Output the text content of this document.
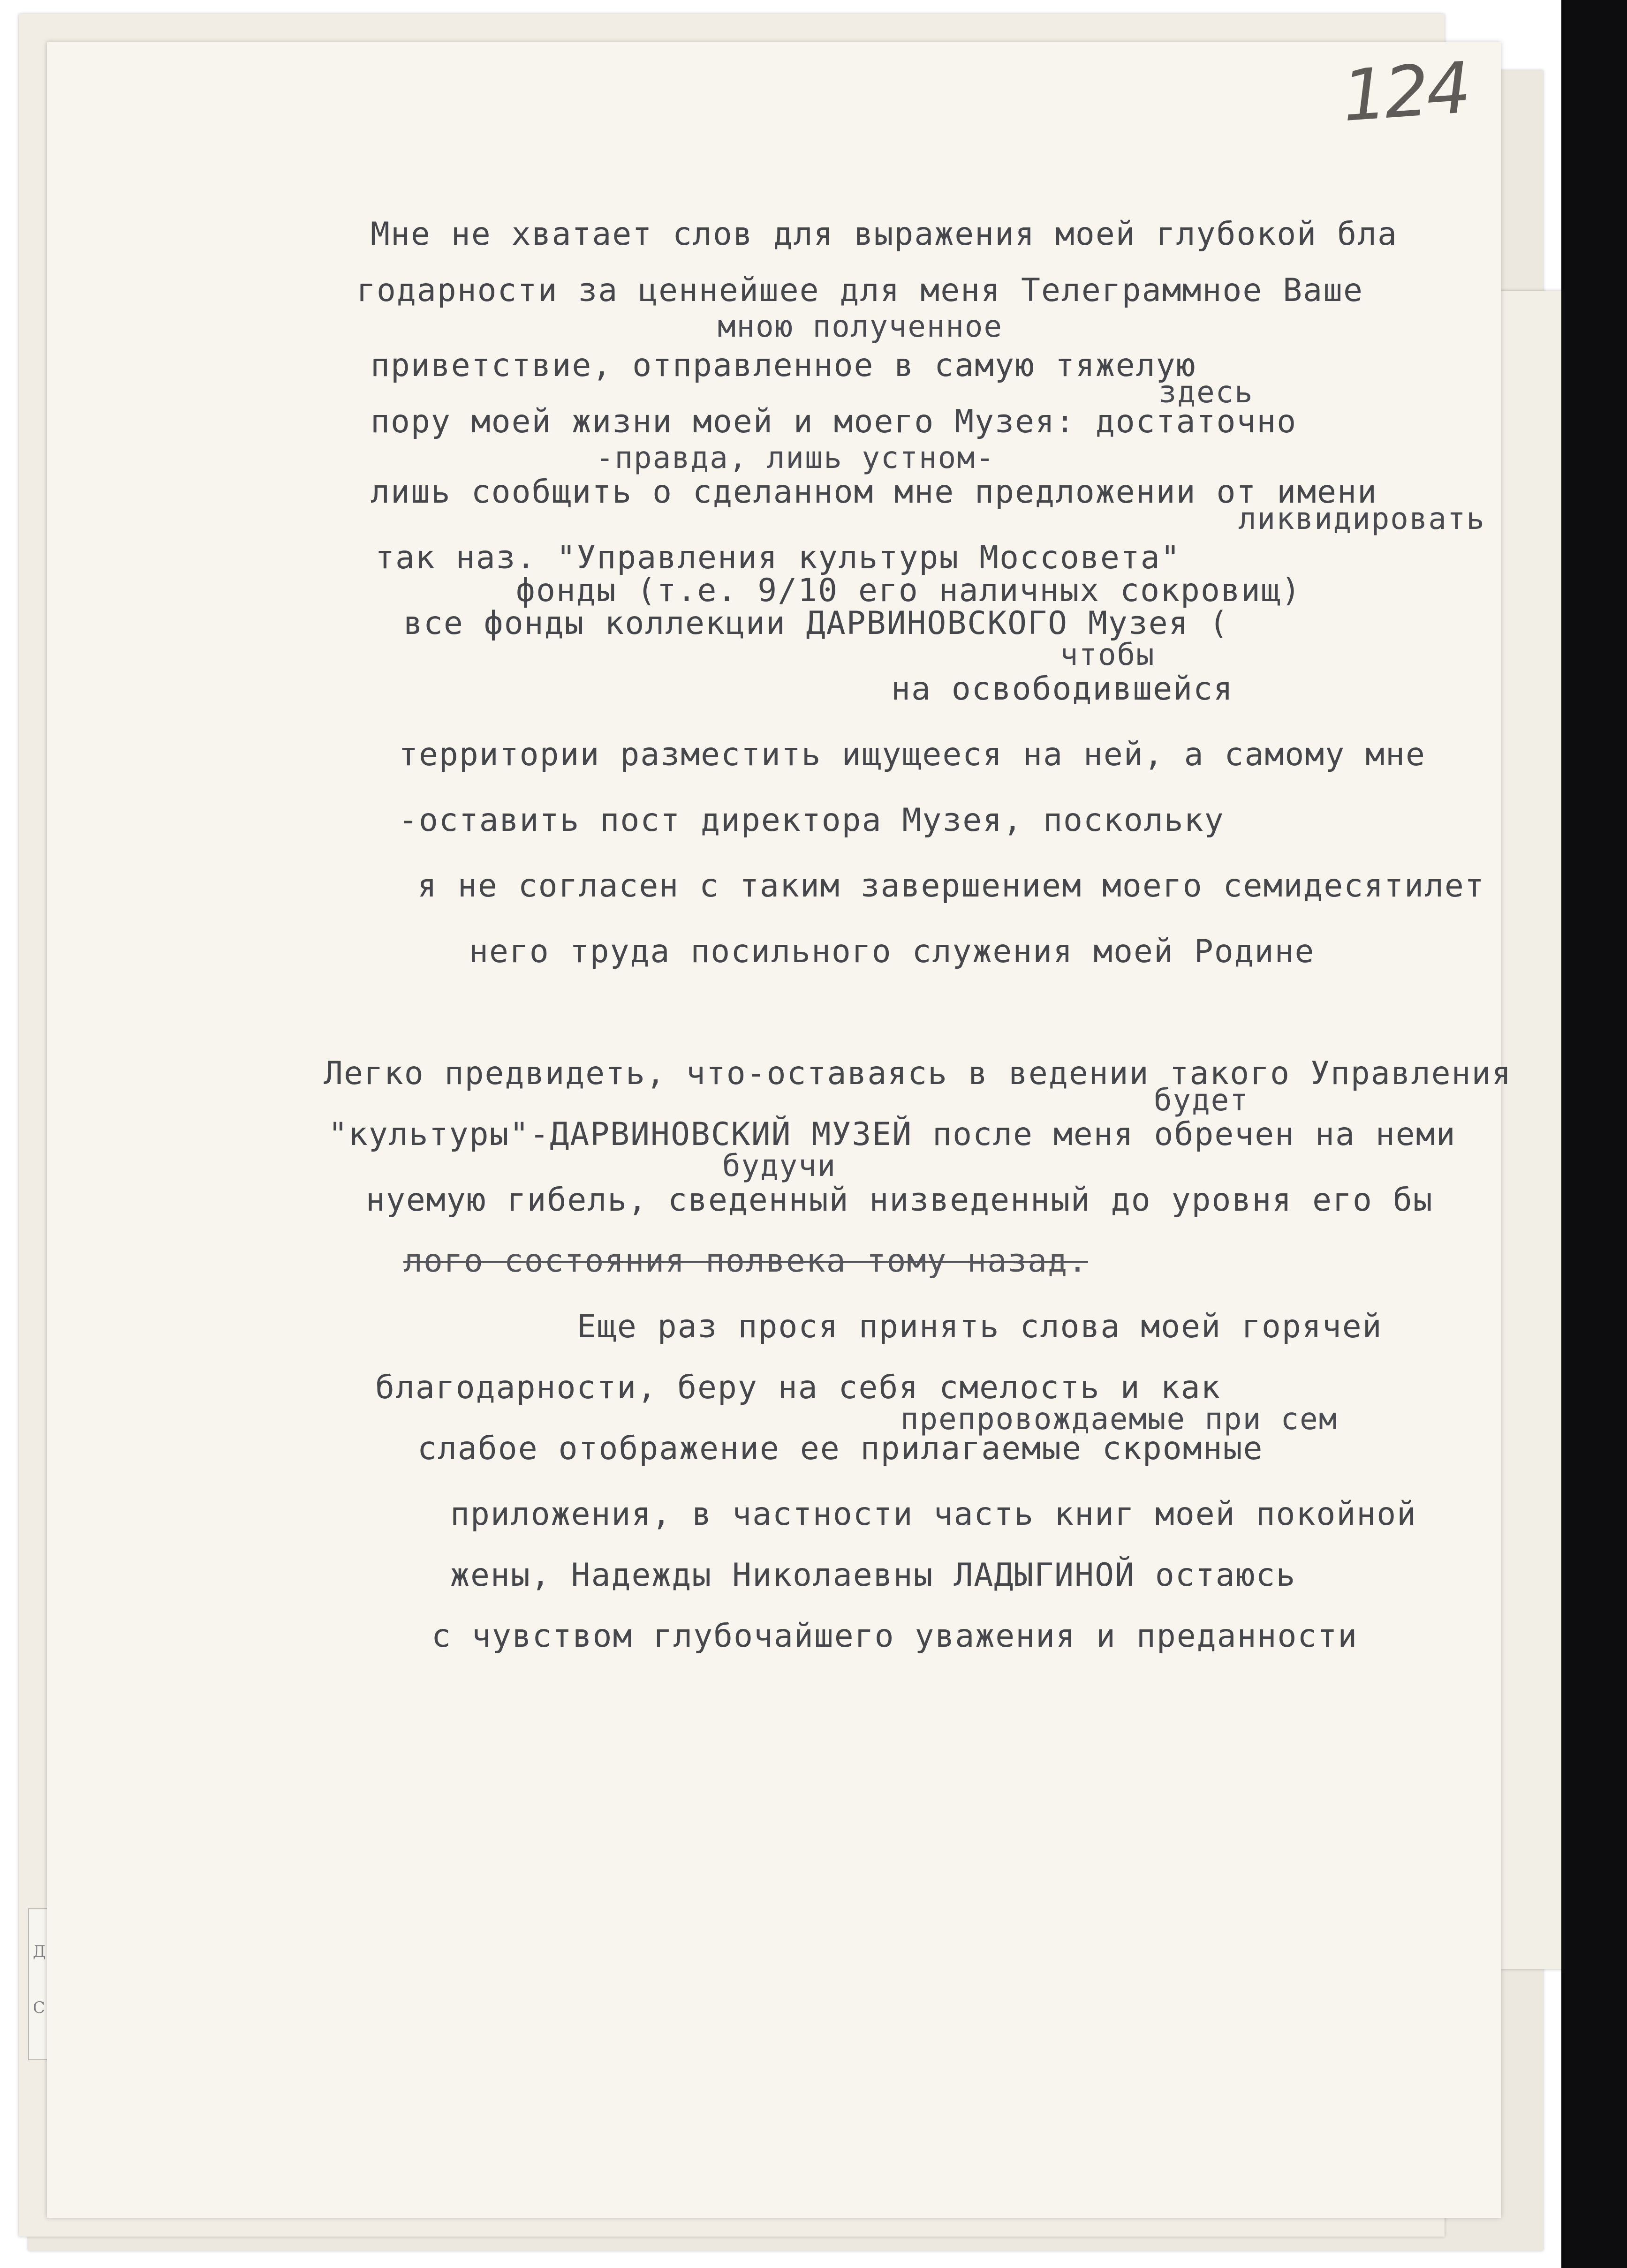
Д
С
124
Мне не хватает слов для выражения моей глубокой бла
годарности за ценнейшее для меня Телеграммное Ваше
мною полученное
приветствие, отправленное в самую тяжелую
здесь
пору моей жизни моей и моего Музея: достаточно
-правда, лишь устном-
лишь сообщить о сделанном мне предложении от имени
ликвидировать
так наз. "Управления культуры Моссовета"
фонды (т.е. 9/10 его наличных сокровищ)
все фонды коллекции ДАРВИНОВСКОГО Музея (
чтобы
на освободившейся
территории разместить ищущееся на ней, а самому мне
-оставить пост директора Музея, поскольку
я не согласен с таким завершением моего семидесятилет
него труда посильного служения моей Родине
Легко предвидеть, что-оставаясь в ведении такого Управления
будет
"культуры"-ДАРВИНОВСКИЙ МУЗЕЙ после меня обречен на неми
будучи
нуемую гибель, сведенный низведенный до уровня его бы
лого состояния полвека тому назад.
Еще раз прося принять слова моей горячей
благодарности, беру на себя смелость и как
препровождаемые при сем
слабое отображение ее прилагаемые скромные
приложения, в частности часть книг моей покойной
жены, Надежды Николаевны ЛАДЫГИНОЙ остаюсь
с чувством глубочайшего уважения и преданности
